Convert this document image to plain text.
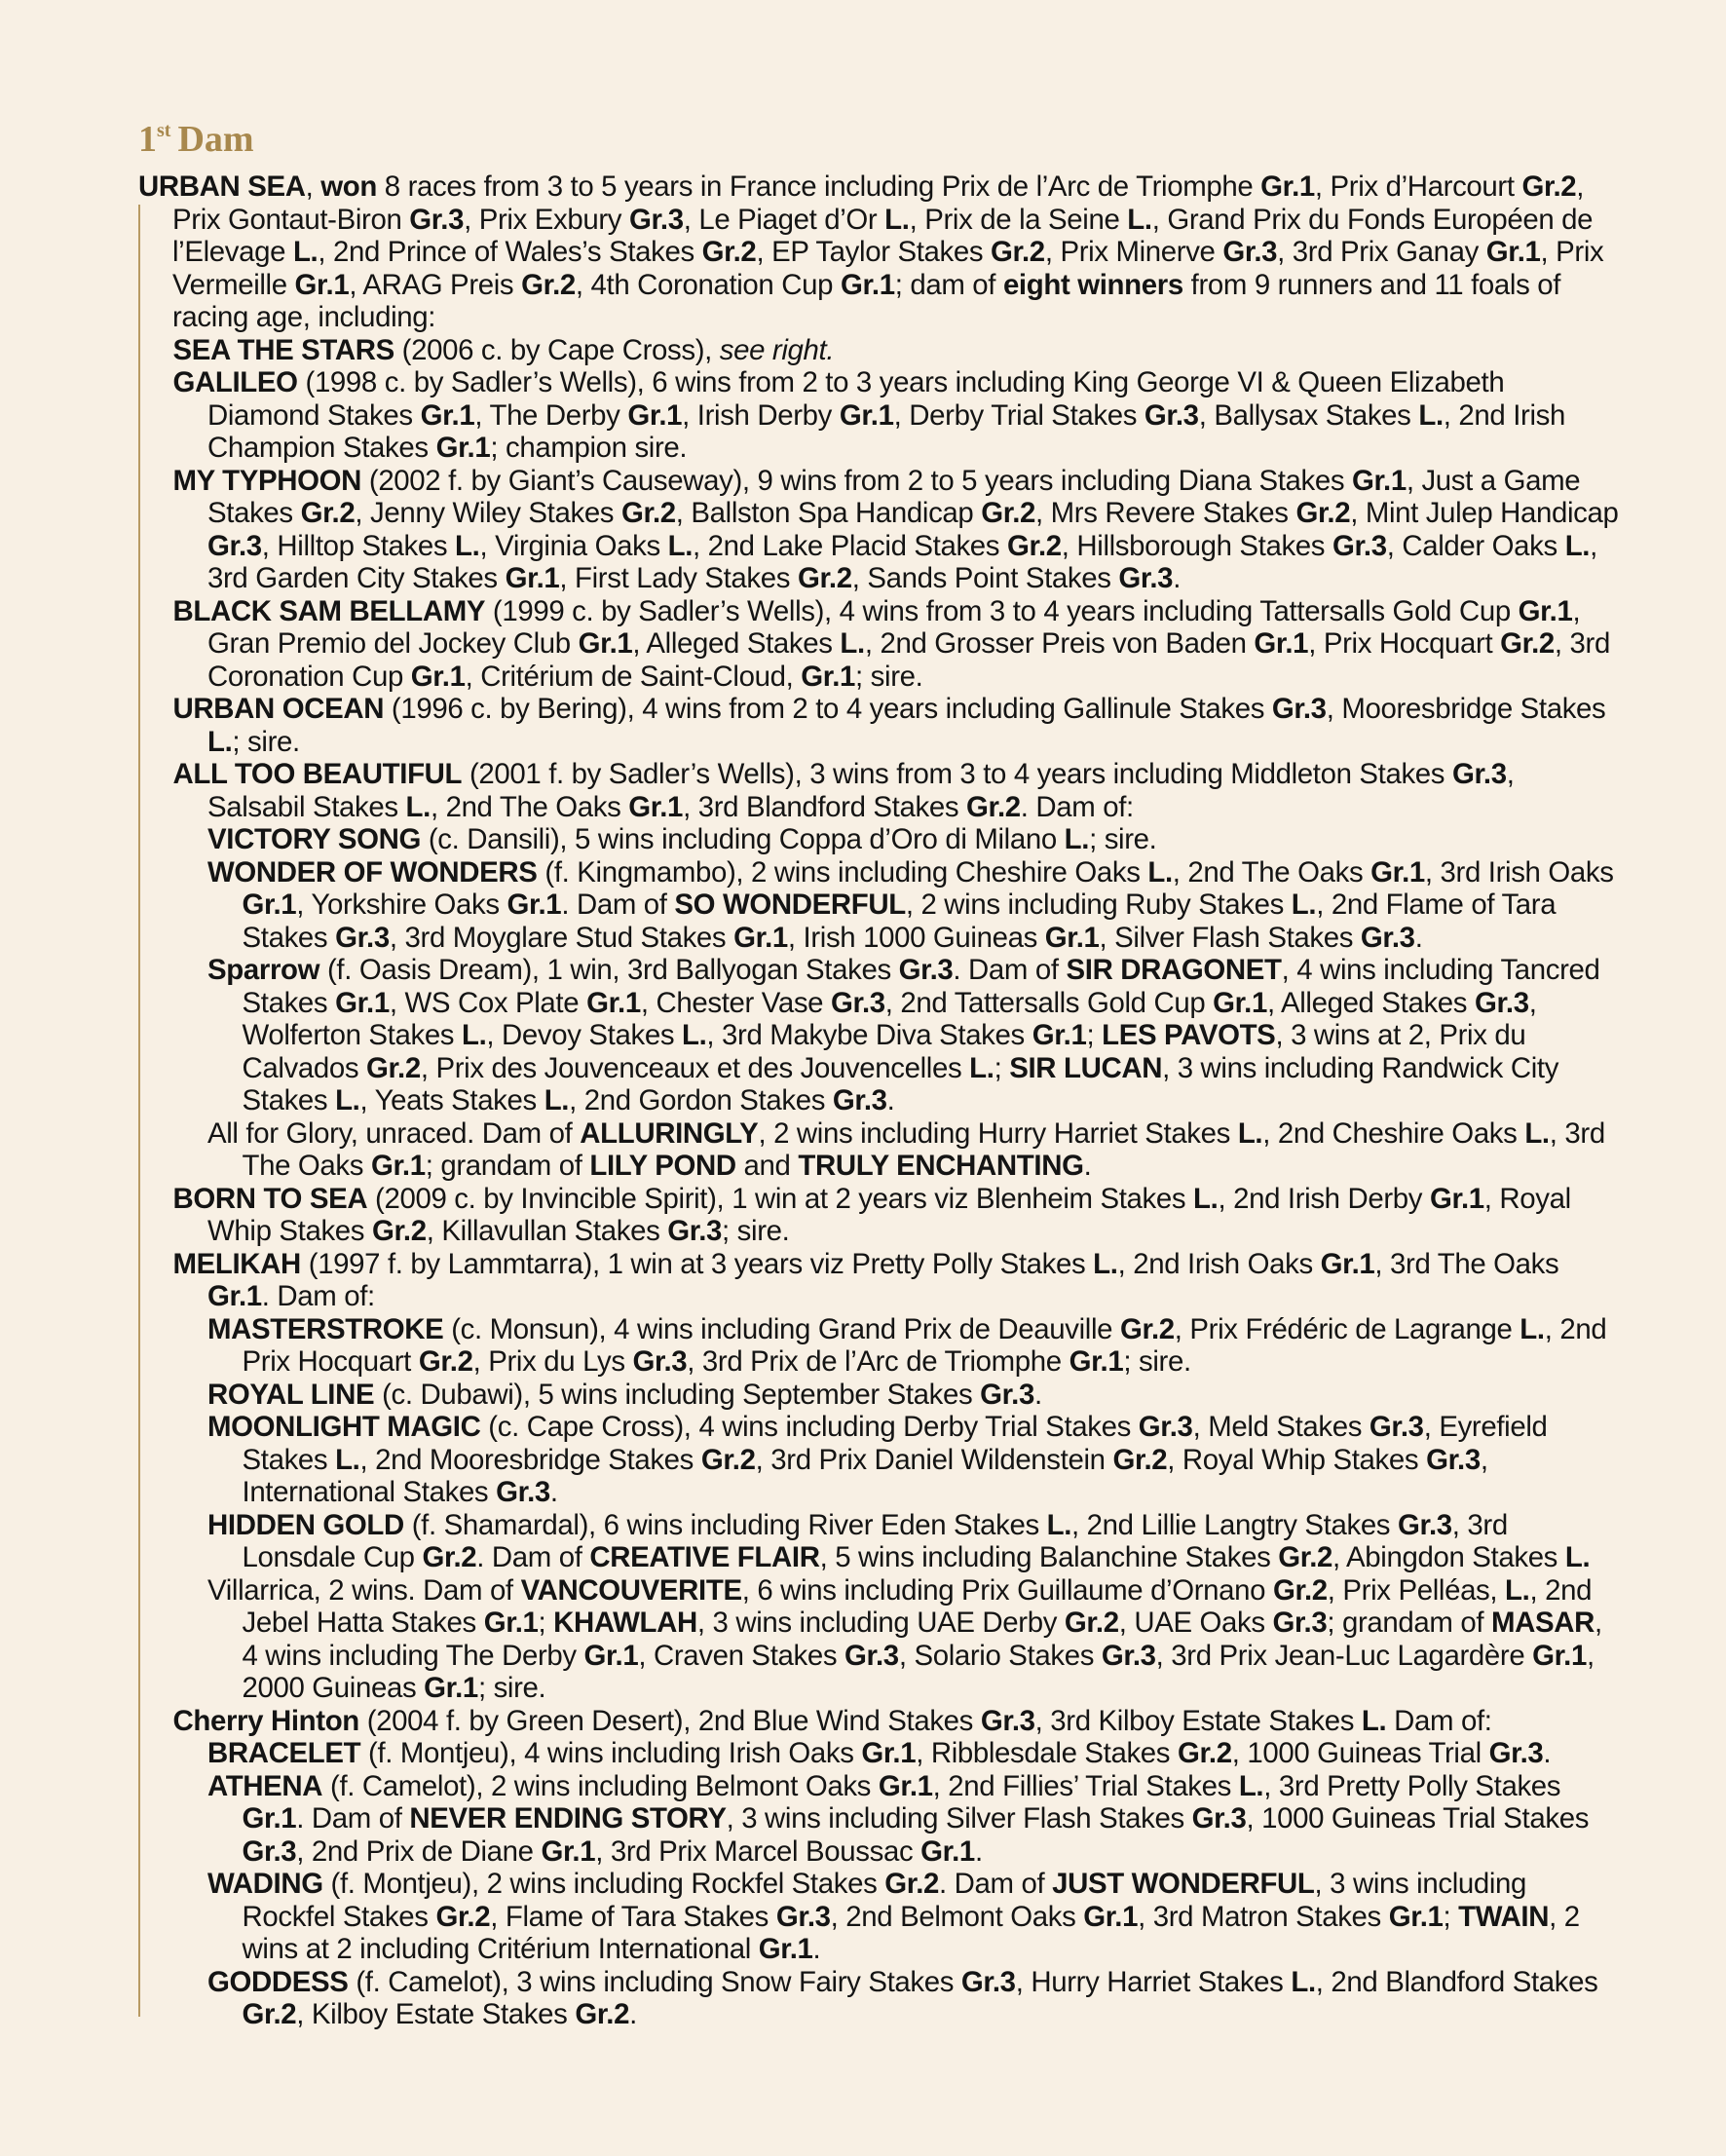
1st Dam

URBAN SEA, won 8 races from 3 to 5 years in France including Prix de l’Arc de Triomphe Gr.1, Prix d’Harcourt Gr.2, Prix Gontaut-Biron Gr.3, Prix Exbury Gr.3, Le Piaget d’Or L., Prix de la Seine L., Grand Prix du Fonds Européen de l’Elevage L., 2nd Prince of Wales’s Stakes Gr.2, EP Taylor Stakes Gr.2, Prix Minerve Gr.3, 3rd Prix Ganay Gr.1, Prix Vermeille Gr.1, ARAG Preis Gr.2, 4th Coronation Cup Gr.1; dam of eight winners from 9 runners and 11 foals of racing age, including:

SEA THE STARS (2006 c. by Cape Cross), see right.

GALILEO (1998 c. by Sadler’s Wells), 6 wins from 2 to 3 years including King George VI & Queen Elizabeth Diamond Stakes Gr.1, The Derby Gr.1, Irish Derby Gr.1, Derby Trial Stakes Gr.3, Ballysax Stakes L., 2nd Irish Champion Stakes Gr.1; champion sire.

MY TYPHOON (2002 f. by Giant’s Causeway), 9 wins from 2 to 5 years including Diana Stakes Gr.1, Just a Game Stakes Gr.2, Jenny Wiley Stakes Gr.2, Ballston Spa Handicap Gr.2, Mrs Revere Stakes Gr.2, Mint Julep Handicap Gr.3, Hilltop Stakes L., Virginia Oaks L., 2nd Lake Placid Stakes Gr.2, Hillsborough Stakes Gr.3, Calder Oaks L., 3rd Garden City Stakes Gr.1, First Lady Stakes Gr.2, Sands Point Stakes Gr.3.

BLACK SAM BELLAMY (1999 c. by Sadler’s Wells), 4 wins from 3 to 4 years including Tattersalls Gold Cup Gr.1, Gran Premio del Jockey Club Gr.1, Alleged Stakes L., 2nd Grosser Preis von Baden Gr.1, Prix Hocquart Gr.2, 3rd Coronation Cup Gr.1, Critérium de Saint-Cloud, Gr.1; sire.

URBAN OCEAN (1996 c. by Bering), 4 wins from 2 to 4 years including Gallinule Stakes Gr.3, Mooresbridge Stakes L.; sire.

ALL TOO BEAUTIFUL (2001 f. by Sadler’s Wells), 3 wins from 3 to 4 years including Middleton Stakes Gr.3, Salsabil Stakes L., 2nd The Oaks Gr.1, 3rd Blandford Stakes Gr.2. Dam of:

VICTORY SONG (c. Dansili), 5 wins including Coppa d’Oro di Milano L.; sire.

WONDER OF WONDERS (f. Kingmambo), 2 wins including Cheshire Oaks L., 2nd The Oaks Gr.1, 3rd Irish Oaks Gr.1, Yorkshire Oaks Gr.1. Dam of SO WONDERFUL, 2 wins including Ruby Stakes L., 2nd Flame of Tara Stakes Gr.3, 3rd Moyglare Stud Stakes Gr.1, Irish 1000 Guineas Gr.1, Silver Flash Stakes Gr.3.

Sparrow (f. Oasis Dream), 1 win, 3rd Ballyogan Stakes Gr.3. Dam of SIR DRAGONET, 4 wins including Tancred Stakes Gr.1, WS Cox Plate Gr.1, Chester Vase Gr.3, 2nd Tattersalls Gold Cup Gr.1, Alleged Stakes Gr.3, Wolferton Stakes L., Devoy Stakes L., 3rd Makybe Diva Stakes Gr.1; LES PAVOTS, 3 wins at 2, Prix du Calvados Gr.2, Prix des Jouvenceaux et des Jouvencelles L.; SIR LUCAN, 3 wins including Randwick City Stakes L., Yeats Stakes L., 2nd Gordon Stakes Gr.3.

All for Glory, unraced. Dam of ALLURINGLY, 2 wins including Hurry Harriet Stakes L., 2nd Cheshire Oaks L., 3rd The Oaks Gr.1; grandam of LILY POND and TRULY ENCHANTING.

BORN TO SEA (2009 c. by Invincible Spirit), 1 win at 2 years viz Blenheim Stakes L., 2nd Irish Derby Gr.1, Royal Whip Stakes Gr.2, Killavullan Stakes Gr.3; sire.

MELIKAH (1997 f. by Lammtarra), 1 win at 3 years viz Pretty Polly Stakes L., 2nd Irish Oaks Gr.1, 3rd The Oaks Gr.1. Dam of:

MASTERSTROKE (c. Monsun), 4 wins including Grand Prix de Deauville Gr.2, Prix Frédéric de Lagrange L., 2nd Prix Hocquart Gr.2, Prix du Lys Gr.3, 3rd Prix de l’Arc de Triomphe Gr.1; sire.

ROYAL LINE (c. Dubawi), 5 wins including September Stakes Gr.3.

MOONLIGHT MAGIC (c. Cape Cross), 4 wins including Derby Trial Stakes Gr.3, Meld Stakes Gr.3, Eyrefield Stakes L., 2nd Mooresbridge Stakes Gr.2, 3rd Prix Daniel Wildenstein Gr.2, Royal Whip Stakes Gr.3, International Stakes Gr.3.

HIDDEN GOLD (f. Shamardal), 6 wins including River Eden Stakes L., 2nd Lillie Langtry Stakes Gr.3, 3rd Lonsdale Cup Gr.2. Dam of CREATIVE FLAIR, 5 wins including Balanchine Stakes Gr.2, Abingdon Stakes L.

Villarrica, 2 wins. Dam of VANCOUVERITE, 6 wins including Prix Guillaume d’Ornano Gr.2, Prix Pelléas, L., 2nd Jebel Hatta Stakes Gr.1; KHAWLAH, 3 wins including UAE Derby Gr.2, UAE Oaks Gr.3; grandam of MASAR, 4 wins including The Derby Gr.1, Craven Stakes Gr.3, Solario Stakes Gr.3, 3rd Prix Jean-Luc Lagardère Gr.1, 2000 Guineas Gr.1; sire.

Cherry Hinton (2004 f. by Green Desert), 2nd Blue Wind Stakes Gr.3, 3rd Kilboy Estate Stakes L. Dam of:

BRACELET (f. Montjeu), 4 wins including Irish Oaks Gr.1, Ribblesdale Stakes Gr.2, 1000 Guineas Trial Gr.3.

ATHENA (f. Camelot), 2 wins including Belmont Oaks Gr.1, 2nd Fillies’ Trial Stakes L., 3rd Pretty Polly Stakes Gr.1. Dam of NEVER ENDING STORY, 3 wins including Silver Flash Stakes Gr.3, 1000 Guineas Trial Stakes Gr.3, 2nd Prix de Diane Gr.1, 3rd Prix Marcel Boussac Gr.1.

WADING (f. Montjeu), 2 wins including Rockfel Stakes Gr.2. Dam of JUST WONDERFUL, 3 wins including Rockfel Stakes Gr.2, Flame of Tara Stakes Gr.3, 2nd Belmont Oaks Gr.1, 3rd Matron Stakes Gr.1; TWAIN, 2 wins at 2 including Critérium International Gr.1.

GODDESS (f. Camelot), 3 wins including Snow Fairy Stakes Gr.3, Hurry Harriet Stakes L., 2nd Blandford Stakes Gr.2, Kilboy Estate Stakes Gr.2.
